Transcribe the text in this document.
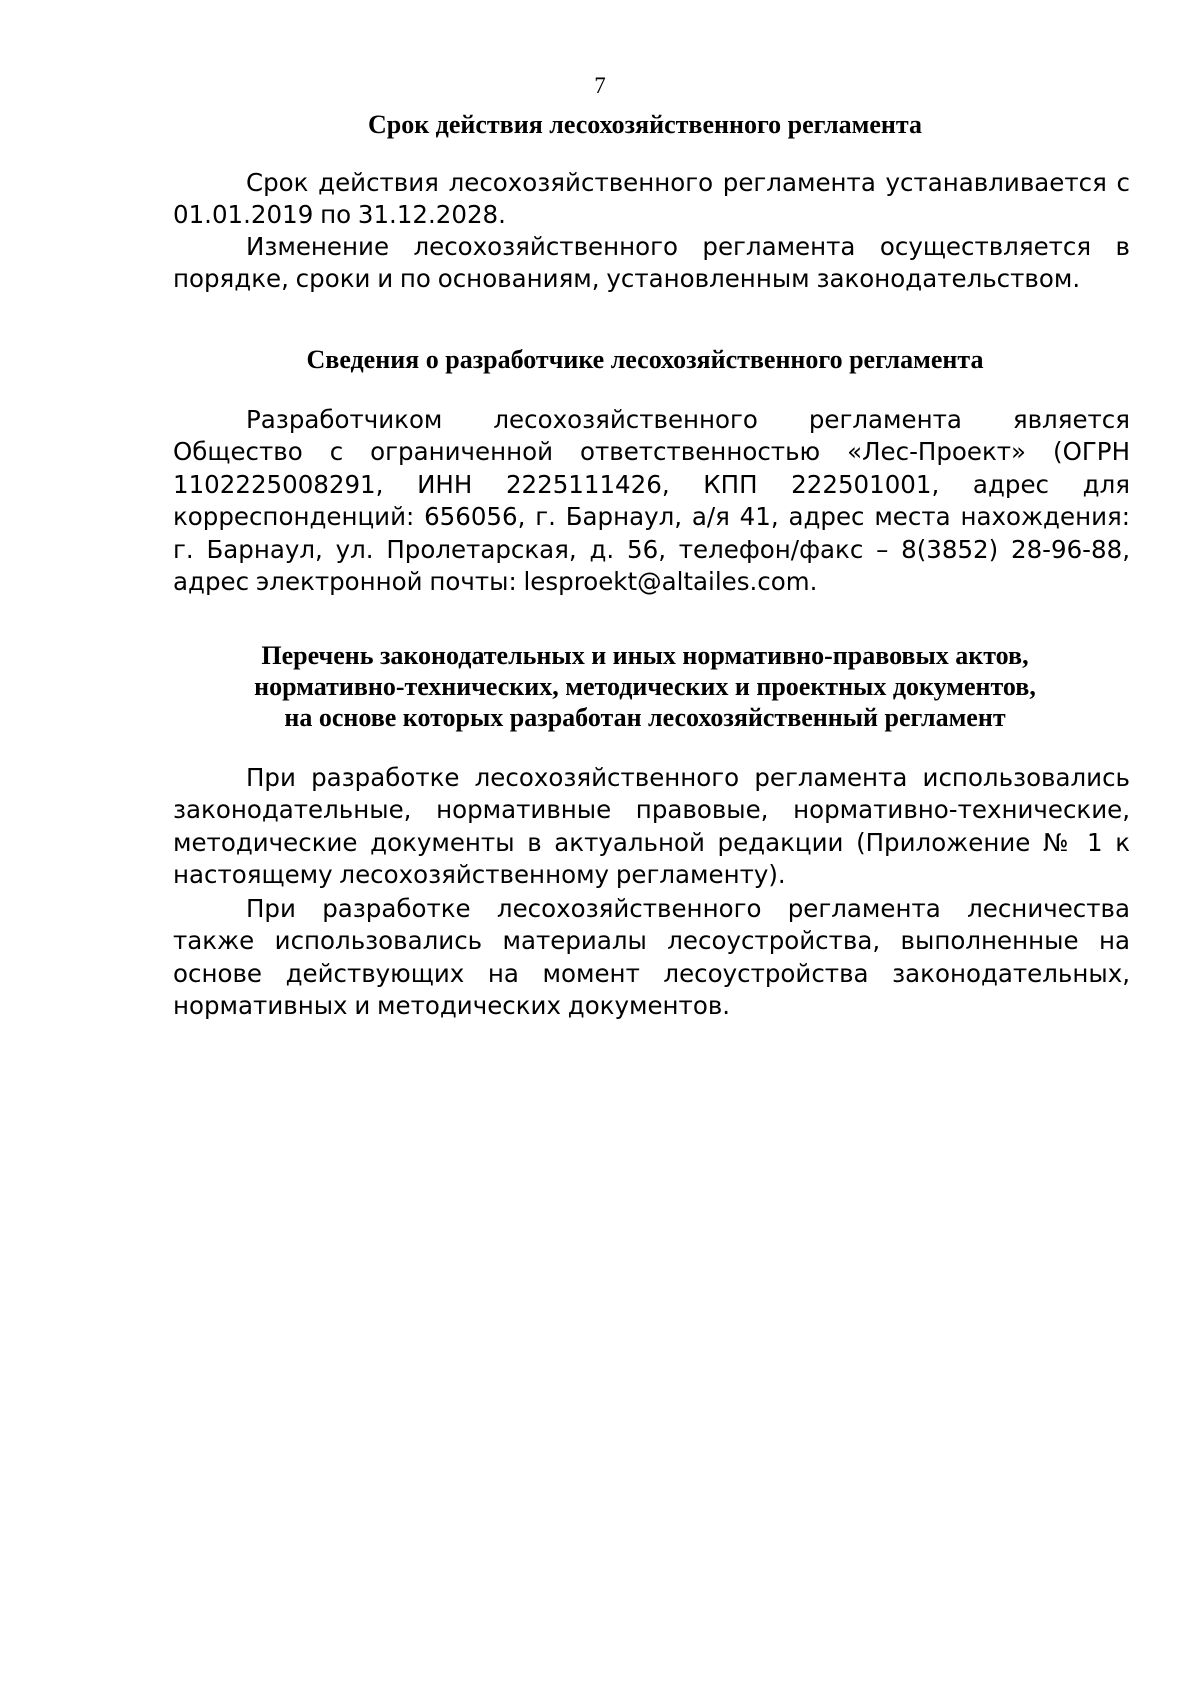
7
Срок действия лесохозяйственного регламента

Срок действия лесохозяйственного регламента устанавливается с 01.01.2019 по 31.12.2028.

Изменение лесохозяйственного регламента осуществляется в порядке, сроки и по основаниям, установленным законодательством.

Сведения о разработчике лесохозяйственного регламента

Разработчиком лесохозяйственного регламента является Общество с ограниченной ответственностью «Лес-Проект» (ОГРН 1102225008291, ИНН 2225111426, КПП 222501001, адрес для корреспонденций: 656056, г. Барнаул, а/я 41, адрес места нахождения: г. Барнаул, ул. Пролетарская, д. 56, телефон/факс – 8(3852) 28-96-88, адрес электронной почты: lesproekt@altailes.com.

Перечень законодательных и иных нормативно-правовых актов,
нормативно-технических, методических и проектных документов,
на основе которых разработан лесохозяйственный регламент

При разработке лесохозяйственного регламента использовались законодательные, нормативные правовые, нормативно-технические, методические документы в актуальной редакции (Приложение № 1 к настоящему лесохозяйственному регламенту).

При разработке лесохозяйственного регламента лесничества также использовались материалы лесоустройства, выполненные на основе действующих на момент лесоустройства законодательных, нормативных и методических документов.
